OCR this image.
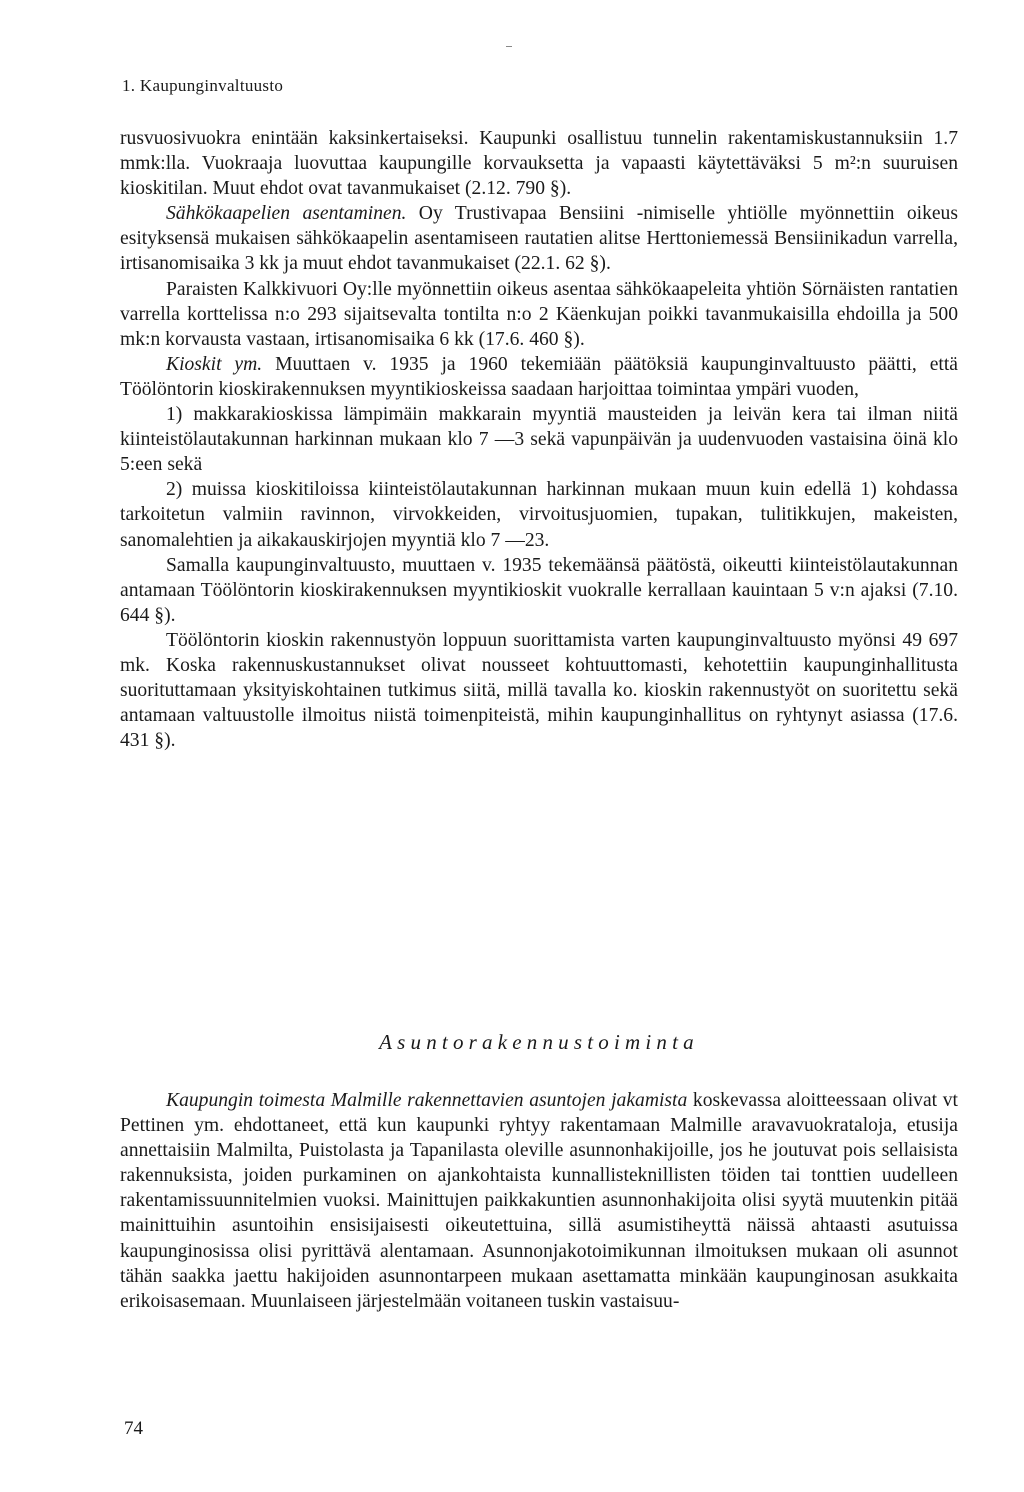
1. Kaupunginvaltuusto

rusvuosivuokra enintään kaksinkertaiseksi. Kaupunki osallistuu tunnelin rakentamiskustannuksiin 1.7 mmk:lla. Vuokraaja luovuttaa kaupungille korvauksetta ja vapaasti käytettäväksi 5 m²:n suuruisen kioskitilan. Muut ehdot ovat tavanmukaiset (2.12. 790 §).

Sähkökaapelien asentaminen. Oy Trustivapaa Bensiini -nimiselle yhtiölle myönnettiin oikeus esityksensä mukaisen sähkökaapelin asentamiseen rautatien alitse Herttoniemessä Bensiinikadun varrella, irtisanomisaika 3 kk ja muut ehdot tavanmukaiset (22.1. 62 §).

Paraisten Kalkkivuori Oy:lle myönnettiin oikeus asentaa sähkökaapeleita yhtiön Sörnäisten rantatien varrella korttelissa n:o 293 sijaitsevalta tontilta n:o 2 Käenkujan poikki tavanmukaisilla ehdoilla ja 500 mk:n korvausta vastaan, irtisanomisaika 6 kk (17.6. 460 §).

Kioskit ym. Muuttaen v. 1935 ja 1960 tekemiään päätöksiä kaupunginvaltuusto päätti, että Töölöntorin kioskirakennuksen myyntikioskeissa saadaan harjoittaa toimintaa ympäri vuoden,

1) makkarakioskissa lämpimäin makkarain myyntiä mausteiden ja leivän kera tai ilman niitä kiinteistölautakunnan harkinnan mukaan klo 7 —3 sekä vapunpäivän ja uudenvuoden vastaisina öinä klo 5:een sekä

2) muissa kioskitiloissa kiinteistölautakunnan harkinnan mukaan muun kuin edellä 1) kohdassa tarkoitetun valmiin ravinnon, virvokkeiden, virvoitusjuomien, tupakan, tulitikkujen, makeisten, sanomalehtien ja aikakauskirjojen myyntiä klo 7 —23.

Samalla kaupunginvaltuusto, muuttaen v. 1935 tekemäänsä päätöstä, oikeutti kiinteistölautakunnan antamaan Töölöntorin kioskirakennuksen myyntikioskit vuokralle kerrallaan kauintaan 5 v:n ajaksi (7.10. 644 §).

Töölöntorin kioskin rakennustyön loppuun suorittamista varten kaupunginvaltuusto myönsi 49 697 mk. Koska rakennuskustannukset olivat nousseet kohtuuttomasti, kehotettiin kaupunginhallitusta suorituttamaan yksityiskohtainen tutkimus siitä, millä tavalla ko. kioskin rakennustyöt on suoritettu sekä antamaan valtuustolle ilmoitus niistä toimenpiteistä, mihin kaupunginhallitus on ryhtynyt asiassa (17.6. 431 §).

Asuntorakennustoiminta

Kaupungin toimesta Malmille rakennettavien asuntojen jakamista koskevassa aloitteessaan olivat vt Pettinen ym. ehdottaneet, että kun kaupunki ryhtyy rakentamaan Malmille aravavuokrataloja, etusija annettaisiin Malmilta, Puistolasta ja Tapanilasta oleville asunnonhakijoille, jos he joutuvat pois sellaisista rakennuksista, joiden purkaminen on ajankohtaista kunnallisteknillisten töiden tai tonttien uudelleen rakentamissuunnitelmien vuoksi. Mainittujen paikkakuntien asunnonhakijoita olisi syytä muutenkin pitää mainittuihin asuntoihin ensisijaisesti oikeutettuina, sillä asumistiheyttä näissä ahtaasti asutuissa kaupunginosissa olisi pyrittävä alentamaan. Asunnonjakotoimikunnan ilmoituksen mukaan oli asunnot tähän saakka jaettu hakijoiden asunnontarpeen mukaan asettamatta minkään kaupunginosan asukkaita erikoisasemaan. Muunlaiseen järjestelmään voitaneen tuskin vastaisuu-

74
